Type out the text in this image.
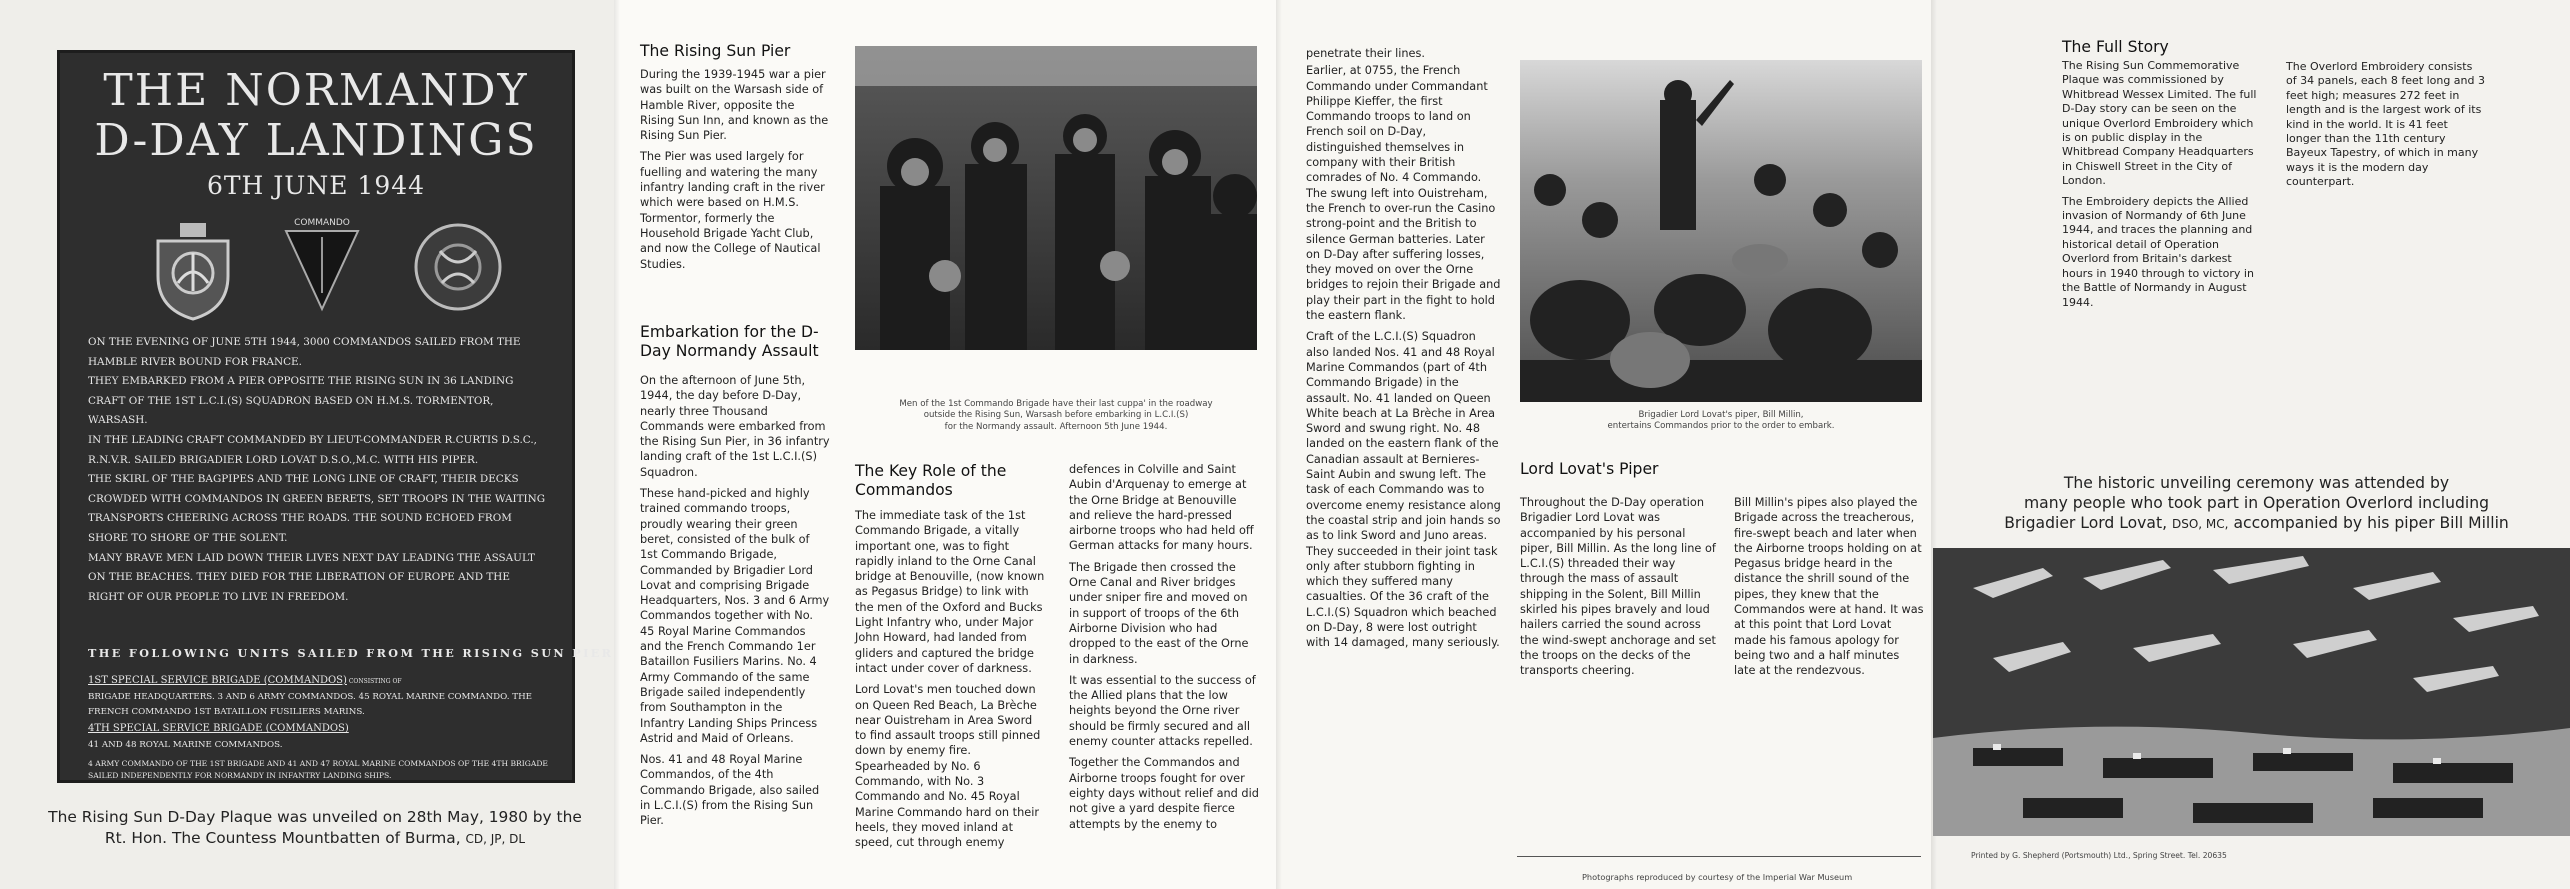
THE NORMANDY
D-DAY LANDINGS
6TH JUNE 1944
COMMANDO

ON THE EVENING OF JUNE 5TH 1944, 3000 COMMANDOS SAILED FROM THE HAMBLE RIVER BOUND FOR FRANCE.

THEY EMBARKED FROM A PIER OPPOSITE THE RISING SUN IN 36 LANDING CRAFT OF THE 1ST L.C.I.(S) SQUADRON BASED ON H.M.S. TORMENTOR, WARSASH.

IN THE LEADING CRAFT COMMANDED BY LIEUT-COMMANDER R.CURTIS D.S.C., R.N.V.R. SAILED BRIGADIER LORD LOVAT D.S.O.,M.C. WITH HIS PIPER.

THE SKIRL OF THE BAGPIPES AND THE LONG LINE OF CRAFT, THEIR DECKS CROWDED WITH COMMANDOS IN GREEN BERETS, SET TROOPS IN THE WAITING TRANSPORTS CHEERING ACROSS THE ROADS. THE SOUND ECHOED FROM SHORE TO SHORE OF THE SOLENT.

MANY BRAVE MEN LAID DOWN THEIR LIVES NEXT DAY LEADING THE ASSAULT ON THE BEACHES. THEY DIED FOR THE LIBERATION OF EUROPE AND THE RIGHT OF OUR PEOPLE TO LIVE IN FREEDOM.

THE FOLLOWING UNITS SAILED FROM THE RISING SUN PIER
1ST SPECIAL SERVICE BRIGADE (COMMANDOS) CONSISTING OF
BRIGADE HEADQUARTERS. 3 AND 6 ARMY COMMANDOS. 45 ROYAL MARINE COMMANDO. THE FRENCH COMMANDO 1ST BATAILLON FUSILIERS MARINS.
4TH SPECIAL SERVICE BRIGADE (COMMANDOS)
41 AND 48 ROYAL MARINE COMMANDOS.
4 ARMY COMMANDO OF THE 1ST BRIGADE AND 41 AND 47 ROYAL MARINE COMMANDOS OF THE 4TH BRIGADE SAILED INDEPENDENTLY FOR NORMANDY IN INFANTRY LANDING SHIPS.
The Rising Sun D-Day Plaque was unveiled on 28th May, 1980 by the
Rt. Hon. The Countess Mountbatten of Burma, CD, JP, DL
The Rising Sun Pier

During the 1939-1945 war a pier was built on the Warsash side of Hamble River, opposite the Rising Sun Inn, and known as the Rising Sun Pier.

The Pier was used largely for fuelling and watering the many infantry landing craft in the river which were based on H.M.S. Tormentor, formerly the Household Brigade Yacht Club, and now the College of Nautical Studies.

Men of the 1st Commando Brigade have their last cuppa' in the roadway
outside the Rising Sun, Warsash before embarking in L.C.I.(S)
for the Normandy assault. Afternoon 5th June 1944.
Embarkation for the D-Day Normandy Assault

On the afternoon of June 5th, 1944, the day before D-Day, nearly three Thousand Commands were embarked from the Rising Sun Pier, in 36 infantry landing craft of the 1st L.C.I.(S) Squadron.

These hand-picked and highly trained commando troops, proudly wearing their green beret, consisted of the bulk of 1st Commando Brigade, Commanded by Brigadier Lord Lovat and comprising Brigade Headquarters, Nos. 3 and 6 Army Commandos together with No. 45 Royal Marine Commandos and the French Commando 1er Bataillon Fusiliers Marins. No. 4 Army Commando of the same Brigade sailed independently from Southampton in the Infantry Landing Ships Princess Astrid and Maid of Orleans.

Nos. 41 and 48 Royal Marine Commandos, of the 4th Commando Brigade, also sailed in L.C.I.(S) from the Rising Sun Pier.

The Key Role of the Commandos

The immediate task of the 1st Commando Brigade, a vitally important one, was to fight rapidly inland to the Orne Canal bridge at Benouville, (now known as Pegasus Bridge) to link with the men of the Oxford and Bucks Light Infantry who, under Major John Howard, had landed from gliders and captured the bridge intact under cover of darkness.

Lord Lovat's men touched down on Queen Red Beach, La Brèche near Ouistreham in Area Sword to find assault troops still pinned down by enemy fire. Spearheaded by No. 6 Commando, with No. 3 Commando and No. 45 Royal Marine Commando hard on their heels, they moved inland at speed, cut through enemy

defences in Colville and Saint Aubin d'Arquenay to emerge at the Orne Bridge at Benouville and relieve the hard-pressed airborne troops who had held off German attacks for many hours.

The Brigade then crossed the Orne Canal and River bridges under sniper fire and moved on in support of troops of the 6th Airborne Division who had dropped to the east of the Orne in darkness.

It was essential to the success of the Allied plans that the low heights beyond the Orne river should be firmly secured and all enemy counter attacks repelled.

Together the Commandos and Airborne troops fought for over eighty days without relief and did not give a yard despite fierce attempts by the enemy to

penetrate their lines.

Earlier, at 0755, the French Commando under Commandant Philippe Kieffer, the first Commando troops to land on French soil on D-Day, distinguished themselves in company with their British comrades of No. 4 Commando. The swung left into Ouistreham, the French to over-run the Casino strong-point and the British to silence German batteries. Later on D-Day after suffering losses, they moved on over the Orne bridges to rejoin their Brigade and play their part in the fight to hold the eastern flank.

Craft of the L.C.I.(S) Squadron also landed Nos. 41 and 48 Royal Marine Commandos (part of 4th Commando Brigade) in the assault. No. 41 landed on Queen White beach at La Brèche in Area Sword and swung right. No. 48 landed on the eastern flank of the Canadian assault at Bernieres-Saint Aubin and swung left. The task of each Commando was to overcome enemy resistance along the coastal strip and join hands so as to link Sword and Juno areas. They succeeded in their joint task only after stubborn fighting in which they suffered many casualties. Of the 36 craft of the L.C.I.(S) Squadron which beached on D-Day, 8 were lost outright with 14 damaged, many seriously.

Brigadier Lord Lovat's piper, Bill Millin,
entertains Commandos prior to the order to embark.
Lord Lovat's Piper

Throughout the D-Day operation Brigadier Lord Lovat was accompanied by his personal piper, Bill Millin. As the long line of L.C.I.(S) threaded their way through the mass of assault shipping in the Solent, Bill Millin skirled his pipes bravely and loud hailers carried the sound across the wind-swept anchorage and set the troops on the decks of the transports cheering.

Bill Millin's pipes also played the Brigade across the treacherous, fire-swept beach and later when the Airborne troops holding on at Pegasus bridge heard in the distance the shrill sound of the pipes, they knew that the Commandos were at hand. It was at this point that Lord Lovat made his famous apology for being two and a half minutes late at the rendezvous.

Photographs reproduced by courtesy of the Imperial War Museum
The Full Story

The Rising Sun Commemorative Plaque was commissioned by Whitbread Wessex Limited. The full D-Day story can be seen on the unique Overlord Embroidery which is on public display in the Whitbread Company Headquarters in Chiswell Street in the City of London.

The Embroidery depicts the Allied invasion of Normandy of 6th June 1944, and traces the planning and historical detail of Operation Overlord from Britain's darkest hours in 1940 through to victory in the Battle of Normandy in August 1944.

The Overlord Embroidery consists of 34 panels, each 8 feet long and 3 feet high; measures 272 feet in length and is the largest work of its kind in the world. It is 41 feet longer than the 11th century Bayeux Tapestry, of which in many ways it is the modern day counterpart.

The historic unveiling ceremony was attended by
many people who took part in Operation Overlord including
Brigadier Lord Lovat, DSO, MC, accompanied by his piper Bill Millin
Printed by G. Shepherd (Portsmouth) Ltd., Spring Street. Tel. 20635
